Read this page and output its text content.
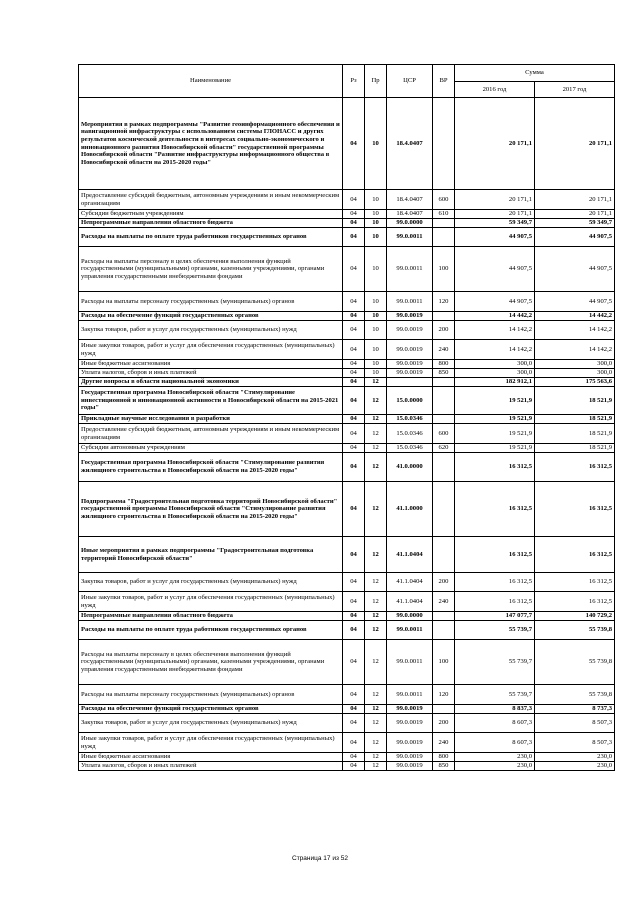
Наименование	Рз	Пр	ЦСР	ВР	Сумма	
					2016 год	2017 год
Мероприятия в рамках подпрограммы "Развитие геоинформационного обеспечения и навигационной инфраструктуры с использованием системы ГЛОНАСС и других результатов космической деятельности в интересах социально-экономического и инновационного развития Новосибирской области" государственной программы Новосибирской области "Развитие инфраструктуры информационного общества в Новосибирской области на 2015-2020 годы"	04	10	18.4.0407		20 171,1	20 171,1
Предоставление субсидий бюджетным, автономным учреждениям и иным некоммерческим организациям	04	10	18.4.0407	600	20 171,1	20 171,1
Субсидии бюджетным учреждениям	04	10	18.4.0407	610	20 171,1	20 171,1
Непрограммные направления областного бюджета	04	10	99.0.0000		59 349,7	59 349,7
Расходы на выплаты по оплате труда работников государственных органов	04	10	99.0.0011		44 907,5	44 907,5
Расходы на выплаты персоналу в целях обеспечения выполнения функций государственными (муниципальными) органами, казенными учреждениями, органами управления государственными внебюджетными фондами	04	10	99.0.0011	100	44 907,5	44 907,5
Расходы на выплаты персоналу государственных (муниципальных) органов	04	10	99.0.0011	120	44 907,5	44 907,5
Расходы на обеспечение функций государственных органов	04	10	99.0.0019		14 442,2	14 442,2
Закупка товаров, работ и услуг для государственных (муниципальных) нужд	04	10	99.0.0019	200	14 142,2	14 142,2
Иные закупки товаров, работ и услуг для обеспечения государственных (муниципальных) нужд	04	10	99.0.0019	240	14 142,2	14 142,2
Иные бюджетные ассигнования	04	10	99.0.0019	800	300,0	300,0
Уплата налогов, сборов и иных платежей	04	10	99.0.0019	850	300,0	300,0
Другие вопросы в области национальной экономики	04	12			182 912,1	175 563,6
Государственная программа Новосибирской области "Стимулирование инвестиционной и инновационной активности в Новосибирской области на 2015-2021 годы"	04	12	15.0.0000		19 521,9	18 521,9
Прикладные научные исследования в разработки	04	12	15.0.0346		19 521,9	18 521,9
Предоставление субсидий бюджетным, автономным учреждениям и иным некоммерческим организациям	04	12	15.0.0346	600	19 521,9	18 521,9
Субсидии автономным учреждениям	04	12	15.0.0346	620	19 521,9	18 521,9
Государственная программа Новосибирской области "Стимулирование развития жилищного строительства в Новосибирской области на 2015-2020 годы"	04	12	41.0.0000		16 312,5	16 312,5
Подпрограмма "Градостроительная подготовка территорий Новосибирской области" государственной программы Новосибирской области "Стимулирование развития жилищного строительства в Новосибирской области на 2015-2020 годы"	04	12	41.1.0000		16 312,5	16 312,5
Иные мероприятия в рамках подпрограммы "Градостроительная подготовка территорий Новосибирской области"	04	12	41.1.0404		16 312,5	16 312,5
Закупка товаров, работ и услуг для государственных (муниципальных) нужд	04	12	41.1.0404	200	16 312,5	16 312,5
Иные закупки товаров, работ и услуг для обеспечения государственных (муниципальных) нужд	04	12	41.1.0404	240	16 312,5	16 312,5
Непрограммные направления областного бюджета	04	12	99.0.0000		147 077,7	140 729,2
Расходы на выплаты по оплате труда работников государственных органов	04	12	99.0.0011		55 739,7	55 739,8
Расходы на выплаты персоналу в целях обеспечения выполнения функций государственными (муниципальными) органами, казенными учреждениями, органами управления государственными внебюджетными фондами	04	12	99.0.0011	100	55 739,7	55 739,8
Расходы на выплаты персоналу государственных (муниципальных) органов	04	12	99.0.0011	120	55 739,7	55 739,8
Расходы на обеспечение функций государственных органов	04	12	99.0.0019		8 837,3	8 737,3
Закупка товаров, работ и услуг для государственных (муниципальных) нужд	04	12	99.0.0019	200	8 607,3	8 507,3
Иные закупки товаров, работ и услуг для обеспечения государственных (муниципальных) нужд	04	12	99.0.0019	240	8 607,3	8 507,3
Иные бюджетные ассигнования	04	12	99.0.0019	800	230,0	230,0
Уплата налогов, сборов и иных платежей	04	12	99.0.0019	850	230,0	230,0
Страница 17 из 52
